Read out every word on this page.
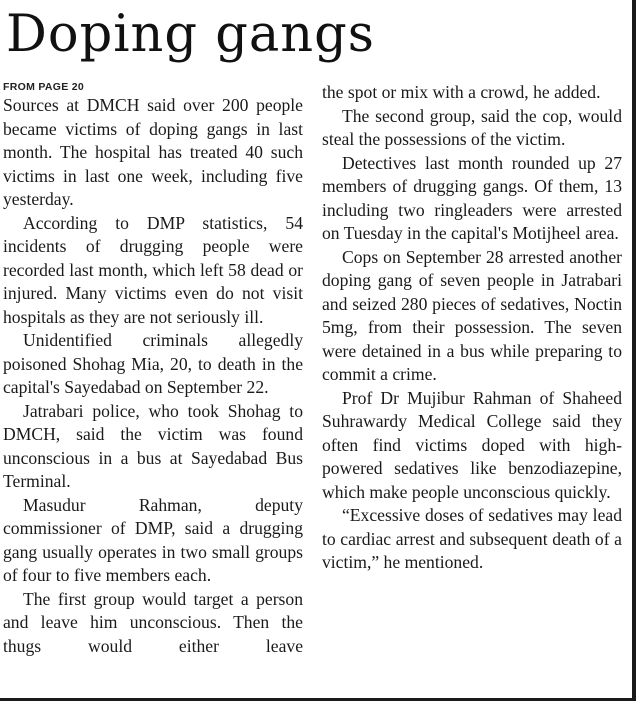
Doping gangs
FROM PAGE 20

Sources at DMCH said over 200 people became victims of doping gangs in last month. The hospital has treated 40 such victims in last one week, including five yesterday.

According to DMP statistics, 54 incidents of drugging people were recorded last month, which left 58 dead or injured. Many victims even do not visit hospitals as they are not seriously ill.

Unidentified criminals allegedly poisoned Shohag Mia, 20, to death in the capital's Sayedabad on September 22.

Jatrabari police, who took Shohag to DMCH, said the victim was found unconscious in a bus at Sayedabad Bus Terminal.

Masudur Rahman, deputy commissioner of DMP, said a drugging gang usually operates in two small groups of four to five members each.

The first group would target a person and leave him unconscious. Then the thugs would either leave

the spot or mix with a crowd, he added.

The second group, said the cop, would steal the possessions of the victim.

Detectives last month rounded up 27 members of drugging gangs. Of them, 13 including two ringleaders were arrested on Tuesday in the capital's Motijheel area.

Cops on September 28 arrested another doping gang of seven people in Jatrabari and seized 280 pieces of sedatives, Noctin 5mg, from their possession. The seven were detained in a bus while preparing to commit a crime.

Prof Dr Mujibur Rahman of Shaheed Suhrawardy Medical College said they often find victims doped with high-powered sedatives like benzodiazepine, which make people unconscious quickly.

“Excessive doses of sedatives may lead to cardiac arrest and subsequent death of a victim,” he mentioned.
